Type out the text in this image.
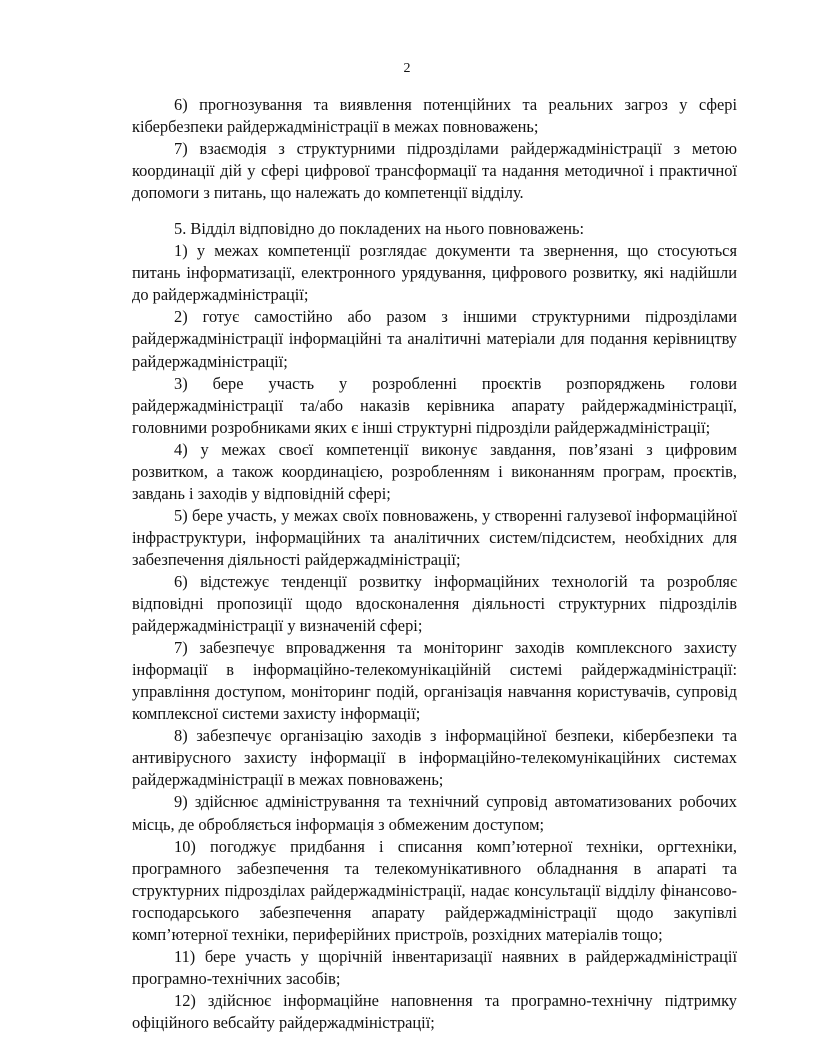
2

6) прогнозування та виявлення потенційних та реальних загроз у сфері кібербезпеки райдержадміністрації в межах повноважень;

7) взаємодія з структурними підрозділами райдержадміністрації з метою координації дій у сфері цифрової трансформації та надання методичної і практичної допомоги з питань, що належать до компетенції відділу.

5. Відділ відповідно до покладених на нього повноважень:

1) у межах компетенції розглядає документи та звернення, що стосуються питань інформатизації, електронного урядування, цифрового розвитку, які надійшли до райдержадміністрації;

2) готує самостійно або разом з іншими структурними підрозділами райдержадміністрації інформаційні та аналітичні матеріали для подання керівництву райдержадміністрації;

3) бере участь у розробленні проєктів розпоряджень голови райдержадміністрації та/або наказів керівника апарату райдержадміністрації, головними розробниками яких є інші структурні підрозділи райдержадміністрації;

4) у межах своєї компетенції виконує завдання, пов’язані з цифровим розвитком, а також координацією, розробленням і виконанням програм, проєктів, завдань і заходів у відповідній сфері;

5) бере участь, у межах своїх повноважень, у створенні галузевої інформаційної інфраструктури, інформаційних та аналітичних систем/підсистем, необхідних для забезпечення діяльності райдержадміністрації;

6) відстежує тенденції розвитку інформаційних технологій та розробляє відповідні пропозиції щодо вдосконалення діяльності структурних підрозділів райдержадміністрації у визначеній сфері;

7) забезпечує впровадження та моніторинг заходів комплексного захисту інформації в інформаційно-телекомунікаційній системі райдержадміністрації: управління доступом, моніторинг подій, організація навчання користувачів, супровід комплексної системи захисту інформації;

8) забезпечує організацію заходів з інформаційної безпеки, кібербезпеки та антивірусного захисту інформації в інформаційно-телекомунікаційних системах райдержадміністрації в межах повноважень;

9) здійснює адміністрування та технічний супровід автоматизованих робочих місць, де обробляється інформація з обмеженим доступом;

10) погоджує придбання і списання комп’ютерної техніки, оргтехніки, програмного забезпечення та телекомунікативного обладнання в апараті та структурних підрозділах райдержадміністрації, надає консультації відділу фінансово-господарського забезпечення апарату райдержадміністрації щодо закупівлі комп’ютерної техніки, периферійних пристроїв, розхідних матеріалів тощо;

11) бере участь у щорічній інвентаризації наявних в райдержадміністрації програмно-технічних засобів;

12) здійснює інформаційне наповнення та програмно-технічну підтримку офіційного вебсайту райдержадміністрації;
